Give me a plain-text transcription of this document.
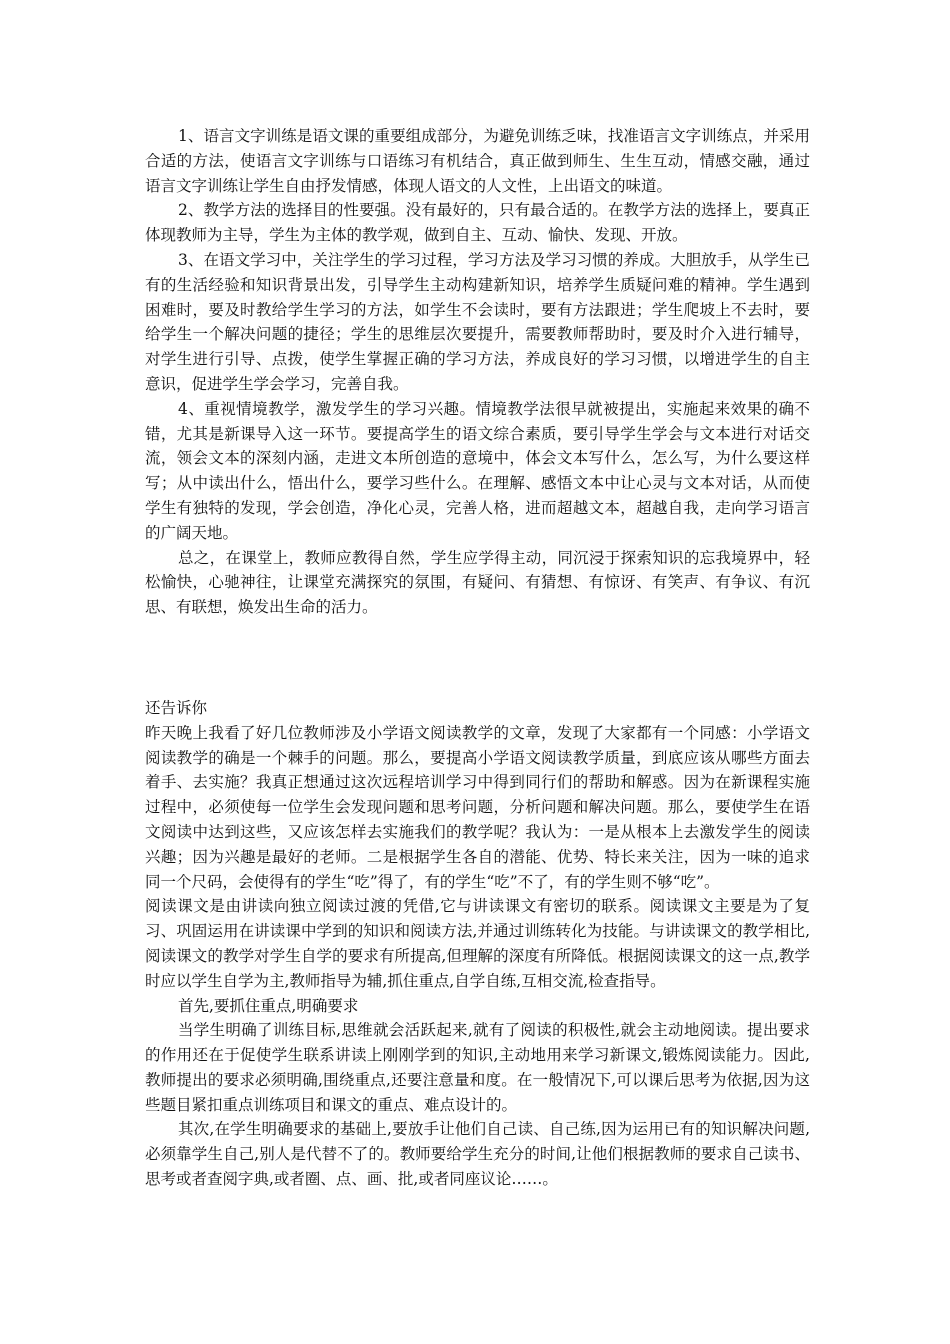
1、语言文字训练是语文课的重要组成部分，为避免训练乏味，找准语言文字训练点，并采用合适的方法，使语言文字训练与口语练习有机结合，真正做到师生、生生互动，情感交融，通过语言文字训练让学生自由抒发情感，体现人语文的人文性，上出语文的味道。

2、教学方法的选择目的性要强。没有最好的，只有最合适的。在教学方法的选择上，要真正体现教师为主导，学生为主体的教学观，做到自主、互动、愉快、发现、开放。

3、在语文学习中，关注学生的学习过程，学习方法及学习习惯的养成。大胆放手，从学生已有的生活经验和知识背景出发，引导学生主动构建新知识，培养学生质疑问难的精神。学生遇到困难时，要及时教给学生学习的方法，如学生不会读时，要有方法跟进；学生爬坡上不去时，要给学生一个解决问题的捷径；学生的思维层次要提升，需要教师帮助时，要及时介入进行辅导，对学生进行引导、点拨，使学生掌握正确的学习方法，养成良好的学习习惯，以增进学生的自主意识，促进学生学会学习，完善自我。

4、重视情境教学，激发学生的学习兴趣。情境教学法很早就被提出，实施起来效果的确不错，尤其是新课导入这一环节。要提高学生的语文综合素质，要引导学生学会与文本进行对话交流，领会文本的深刻内涵，走进文本所创造的意境中，体会文本写什么，怎么写，为什么要这样写；从中读出什么，悟出什么，要学习些什么。在理解、感悟文本中让心灵与文本对话，从而使学生有独特的发现，学会创造，净化心灵，完善人格，进而超越文本，超越自我，走向学习语言的广阔天地。

总之，在课堂上，教师应教得自然，学生应学得主动，同沉浸于探索知识的忘我境界中，轻松愉快，心驰神往，让课堂充满探究的氛围，有疑问、有猜想、有惊讶、有笑声、有争议、有沉思、有联想，焕发出生命的活力。

还告诉你

昨天晚上我看了好几位教师涉及小学语文阅读教学的文章，发现了大家都有一个同感：小学语文阅读教学的确是一个棘手的问题。那么，要提高小学语文阅读教学质量，到底应该从哪些方面去着手、去实施？我真正想通过这次远程培训学习中得到同行们的帮助和解惑。因为在新课程实施过程中，必须使每一位学生会发现问题和思考问题，分析问题和解决问题。那么，要使学生在语文阅读中达到这些，又应该怎样去实施我们的教学呢？我认为：一是从根本上去激发学生的阅读兴趣；因为兴趣是最好的老师。二是根据学生各自的潜能、优势、特长来关注，因为一味的追求同一个尺码，会使得有的学生“吃”得了，有的学生“吃”不了，有的学生则不够“吃”。

阅读课文是由讲读向独立阅读过渡的凭借,它与讲读课文有密切的联系。阅读课文主要是为了复习、巩固运用在讲读课中学到的知识和阅读方法,并通过训练转化为技能。与讲读课文的教学相比,阅读课文的教学对学生自学的要求有所提高,但理解的深度有所降低。根据阅读课文的这一点,教学时应以学生自学为主,教师指导为辅,抓住重点,自学自练,互相交流,检查指导。

首先,要抓住重点,明确要求

当学生明确了训练目标,思维就会活跃起来,就有了阅读的积极性,就会主动地阅读。提出要求的作用还在于促使学生联系讲读上刚刚学到的知识,主动地用来学习新课文,锻炼阅读能力。因此,教师提出的要求必须明确,围绕重点,还要注意量和度。在一般情况下,可以课后思考为依据,因为这些题目紧扣重点训练项目和课文的重点、难点设计的。

其次,在学生明确要求的基础上,要放手让他们自己读、自己练,因为运用已有的知识解决问题,必须靠学生自己,别人是代替不了的。教师要给学生充分的时间,让他们根据教师的要求自己读书、思考或者查阅字典,或者圈、点、画、批,或者同座议论……。
